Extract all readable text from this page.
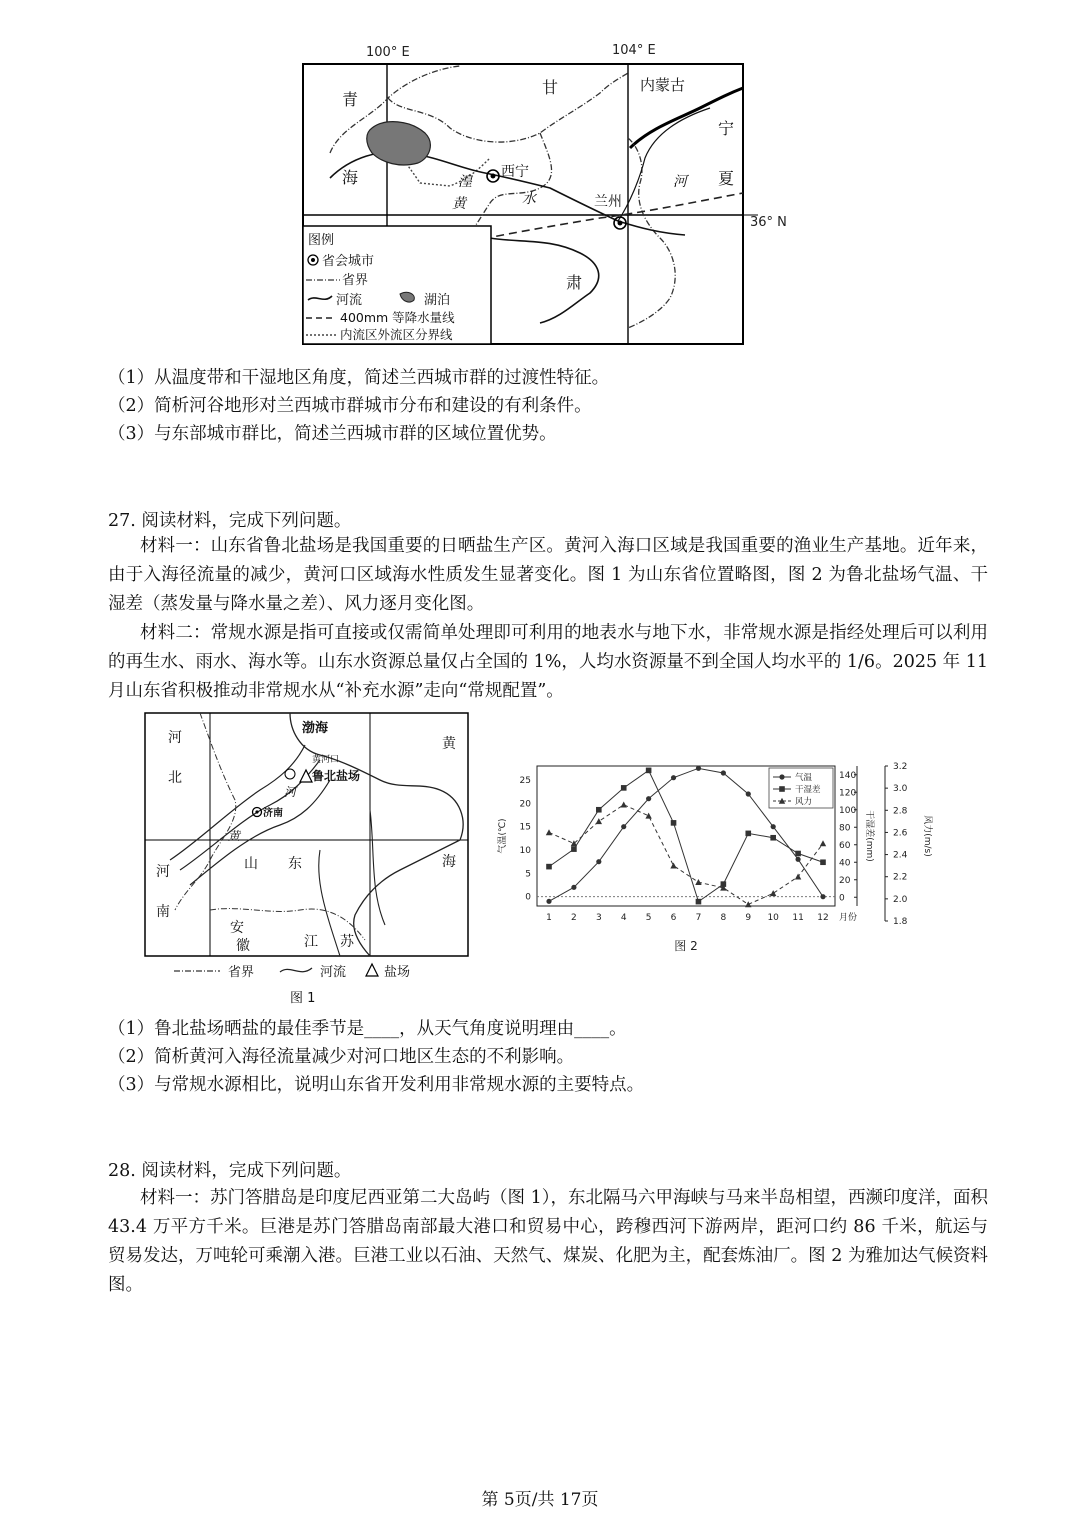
100° E	104° E
36° N
青
海
甘
肃
内蒙古
宁
夏
西宁
兰州
湟
水
黄
河
图例
省会城市
省界
河流	湖泊
400mm 等降水量线
内流区外流区分界线
（1）从温度带和干湿地区角度，简述兰西城市群的过渡性特征。
（2）简析河谷地形对兰西城市群城市分布和建设的有利条件。
（3）与东部城市群比，简述兰西城市群的区域位置优势。
27. 阅读材料，完成下列问题。
材料一：山东省鲁北盐场是我国重要的日晒盐生产区。黄河入海口区域是我国重要的渔业生产基地。近年来，由于入海径流量的减少，黄河口区域海水性质发生显著变化。图 1 为山东省位置略图，图 2 为鲁北盐场气温、干湿差（蒸发量与降水量之差）、风力逐月变化图。
材料二：常规水源是指可直接或仅需简单处理即可利用的地表水与地下水，非常规水源是指经处理后可以利用的再生水、雨水、海水等。山东水资源总量仅占全国的 1%，人均水资源量不到全国人均水平的 1/6。2025 年 11 月山东省积极推动非常规水从“补充水源”走向“常规配置”。
河
北
渤海
黄
海
河
南
山 东
安
徽	江 苏
黄
河
鲁北盐场
济南
黄河口
省界	河流	盐场
图 1
1 2 3 4 5 6 7 8 9 10 11 12 月份
0
5
10
15
20
25
气温(℃)
0
20
40
60
80
100
120
140
干湿差(mm)
1.8
2.0
2.2
2.4
2.6
2.8
3.0
3.2
风力(m/s)
图 2
气温
干湿差
风力
（1）鲁北盐场晒盐的最佳季节是____，从天气角度说明理由____。
（2）简析黄河入海径流量减少对河口地区生态的不利影响。
（3）与常规水源相比，说明山东省开发利用非常规水源的主要特点。
28. 阅读材料，完成下列问题。
材料一：苏门答腊岛是印度尼西亚第二大岛屿（图 1），东北隔马六甲海峡与马来半岛相望，西濒印度洋，面积 43.4 万平方千米。巨港是苏门答腊岛南部最大港口和贸易中心，跨穆西河下游两岸，距河口约 86 千米，航运与贸易发达，万吨轮可乘潮入港。巨港工业以石油、天然气、煤炭、化肥为主，配套炼油厂。图 2 为雅加达气候资料图。
第 5页/共 17页
